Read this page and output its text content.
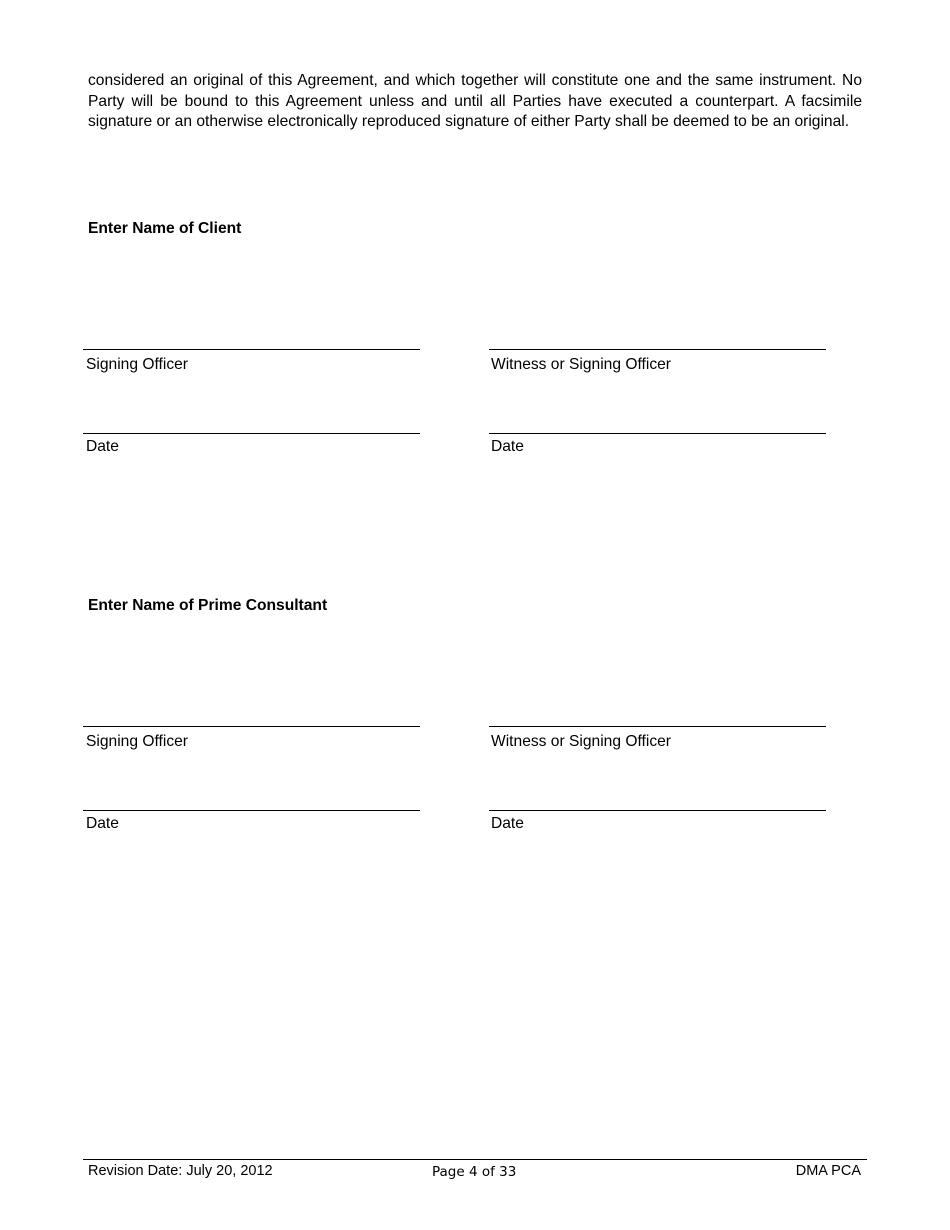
considered an original of this Agreement, and which together will constitute one and the same instrument. No Party will be bound to this Agreement unless and until all Parties have executed a counterpart. A facsimile signature or an otherwise electronically reproduced signature of either Party shall be deemed to be an original.

Enter Name of Client
Signing Officer	Witness or Signing Officer
Date	Date
Enter Name of Prime Consultant
Signing Officer	Witness or Signing Officer
Date	Date
Revision Date: July 20, 2012	Page 4 of 33	DMA PCA
